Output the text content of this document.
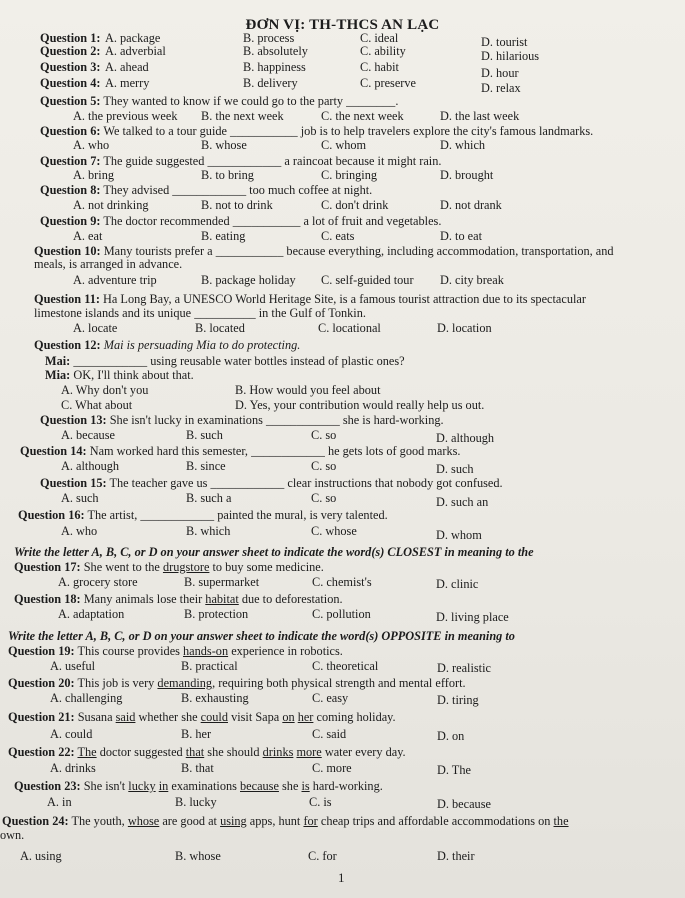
ĐƠN VỊ: TH-THCS AN LẠC
Question 1: A. package	B. process	C. ideal	D. tourist
Question 2: A. adverbial	B. absolutely	C. ability	D. hilarious
Question 3: A. ahead	B. happiness	C. habit	D. hour
Question 4: A. merry	B. delivery	C. preserve	D. relax
Question 5: They wanted to know if we could go to the party ________.
A. the previous week B. the next week	C. the next week	D. the last week
Question 6: We talked to a tour guide ___________ job is to help travelers explore the city's famous landmarks.
A. who	B. whose	C. whom	D. which
Question 7: The guide suggested ____________ a raincoat because it might rain.
A. bring	B. to bring	C. bringing	D. brought
Question 8: They advised ____________ too much coffee at night.
A. not drinking	B. not to drink	C. don't drink	D. not drank
Question 9: The doctor recommended ___________ a lot of fruit and vegetables.
A. eat	B. eating	C. eats	D. to eat
Question 10: Many tourists prefer a ___________ because everything, including accommodation, transportation, and
meals, is arranged in advance.
A. adventure trip	B. package holiday C. self-guided tour D. city break
Question 11: Ha Long Bay, a UNESCO World Heritage Site, is a famous tourist attraction due to its spectacular
limestone islands and its unique __________ in the Gulf of Tonkin.
A. locate	B. located	C. locational	D. location
Question 12: Mai is persuading Mia to do protecting.
Mai: ____________ using reusable water bottles instead of plastic ones?
Mia: OK, I'll think about that.
A. Why don't you	B. How would you feel about
C. What about	D. Yes, your contribution would really help us out.
Question 13: She isn't lucky in examinations ____________ she is hard-working.
A. because	B. such	C. so	D. although
Question 14: Nam worked hard this semester, ____________ he gets lots of good marks.
A. although	B. since	C. so	D. such
Question 15: The teacher gave us ____________ clear instructions that nobody got confused.
A. such	B. such a	C. so	D. such an
Question 16: The artist, ____________ painted the mural, is very talented.
A. who	B. which	C. whose	D. whom
Write the letter A, B, C, or D on your answer sheet to indicate the word(s) CLOSEST in meaning to the
Question 17: She went to the drugstore to buy some medicine.
A. grocery store	B. supermarket	C. chemist's	D. clinic
Question 18: Many animals lose their habitat due to deforestation.
A. adaptation	B. protection	C. pollution	D. living place
Write the letter A, B, C, or D on your answer sheet to indicate the word(s) OPPOSITE in meaning to
Question 19: This course provides hands-on experience in robotics.
A. useful	B. practical	C. theoretical	D. realistic
Question 20: This job is very demanding, requiring both physical strength and mental effort.
A. challenging	B. exhausting	C. easy	D. tiring
Question 21: Susana said whether she could visit Sapa on her coming holiday.
A. could	B. her	C. said	D. on
Question 22: The doctor suggested that she should drinks more water every day.
A. drinks	B. that	C. more	D. The
Question 23: She isn't lucky in examinations because she is hard-working.
A. in	B. lucky	C. is	D. because
Question 24: The youth, whose are good at using apps, hunt for cheap trips and affordable accommodations on the
own.
A. using	B. whose	C. for	D. their
1
